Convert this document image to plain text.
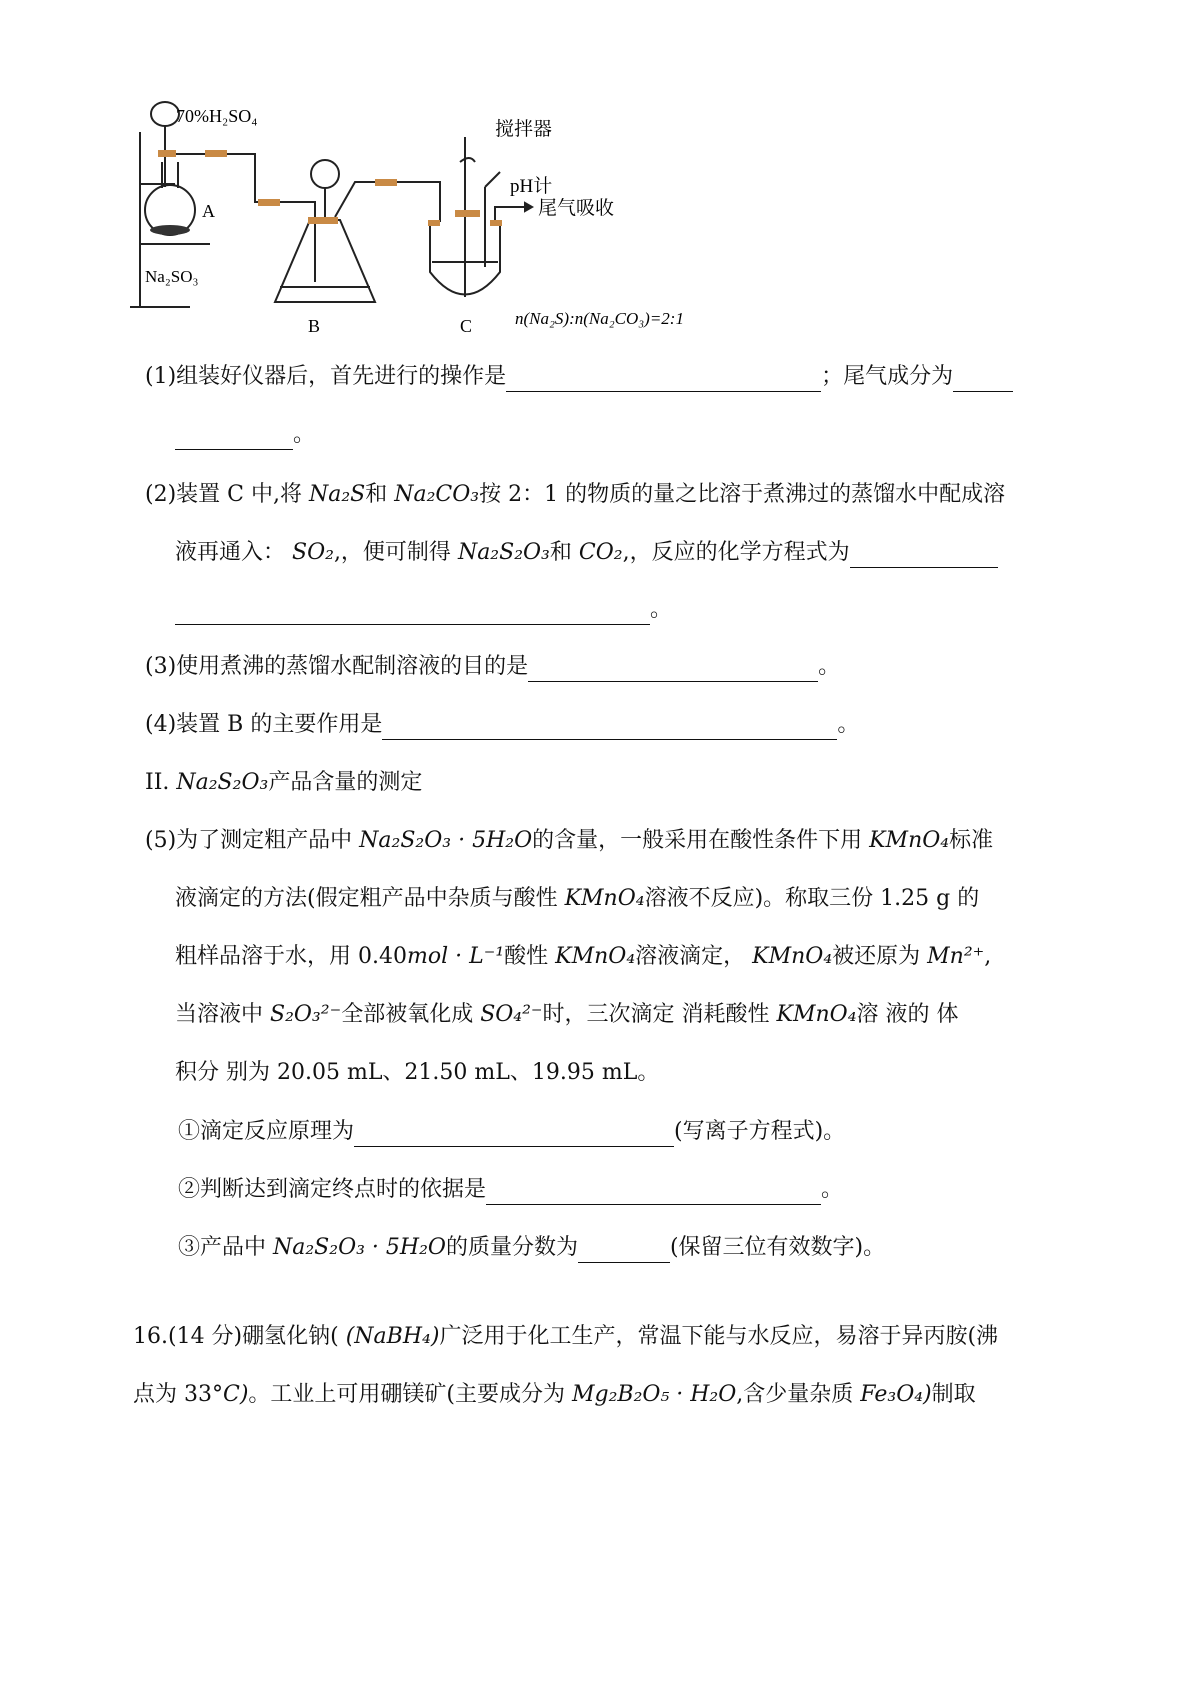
70%H₂SO₄
搅拌器
pH计
尾气吸收
A
Na₂SO₃
B	C	n(Na₂S):n(Na₂CO₃)=2:1
(1)组装好仪器后，首先进行的操作是	；尾气成分为
。
(2)装置 C 中,将 Na₂S和 Na₂CO₃按 2：1 的物质的量之比溶于煮沸过的蒸馏水中配成溶
液再通入： SO₂,，便可制得 Na₂S₂O₃和 CO₂,，反应的化学方程式为
。
(3)使用煮沸的蒸馏水配制溶液的目的是	。
(4)装置 B 的主要作用是	。
II. Na₂S₂O₃产品含量的测定
(5)为了测定粗产品中 Na₂S₂O₃ · 5H₂O的含量，一般采用在酸性条件下用 KMnO₄标准
液滴定的方法(假定粗产品中杂质与酸性 KMnO₄溶液不反应)。称取三份 1.25 g 的
粗样品溶于水，用 0.40mol · L⁻¹酸性 KMnO₄溶液滴定， KMnO₄被还原为 Mn²⁺,
当溶液中 S₂O₃²⁻全部被氧化成 SO₄²⁻时，三次滴定 消耗酸性 KMnO₄溶 液的 体
积分 别为 20.05 mL、21.50 mL、19.95 mL。
①滴定反应原理为	(写离子方程式)。
②判断达到滴定终点时的依据是	。
③产品中 Na₂S₂O₃ · 5H₂O的质量分数为	(保留三位有效数字)。
16.(14 分)硼氢化钠( (NaBH₄)广泛用于化工生产，常温下能与水反应，易溶于异丙胺(沸
点为 33°C)。工业上可用硼镁矿(主要成分为 Mg₂B₂O₅ · H₂O,含少量杂质 Fe₃O₄)制取
